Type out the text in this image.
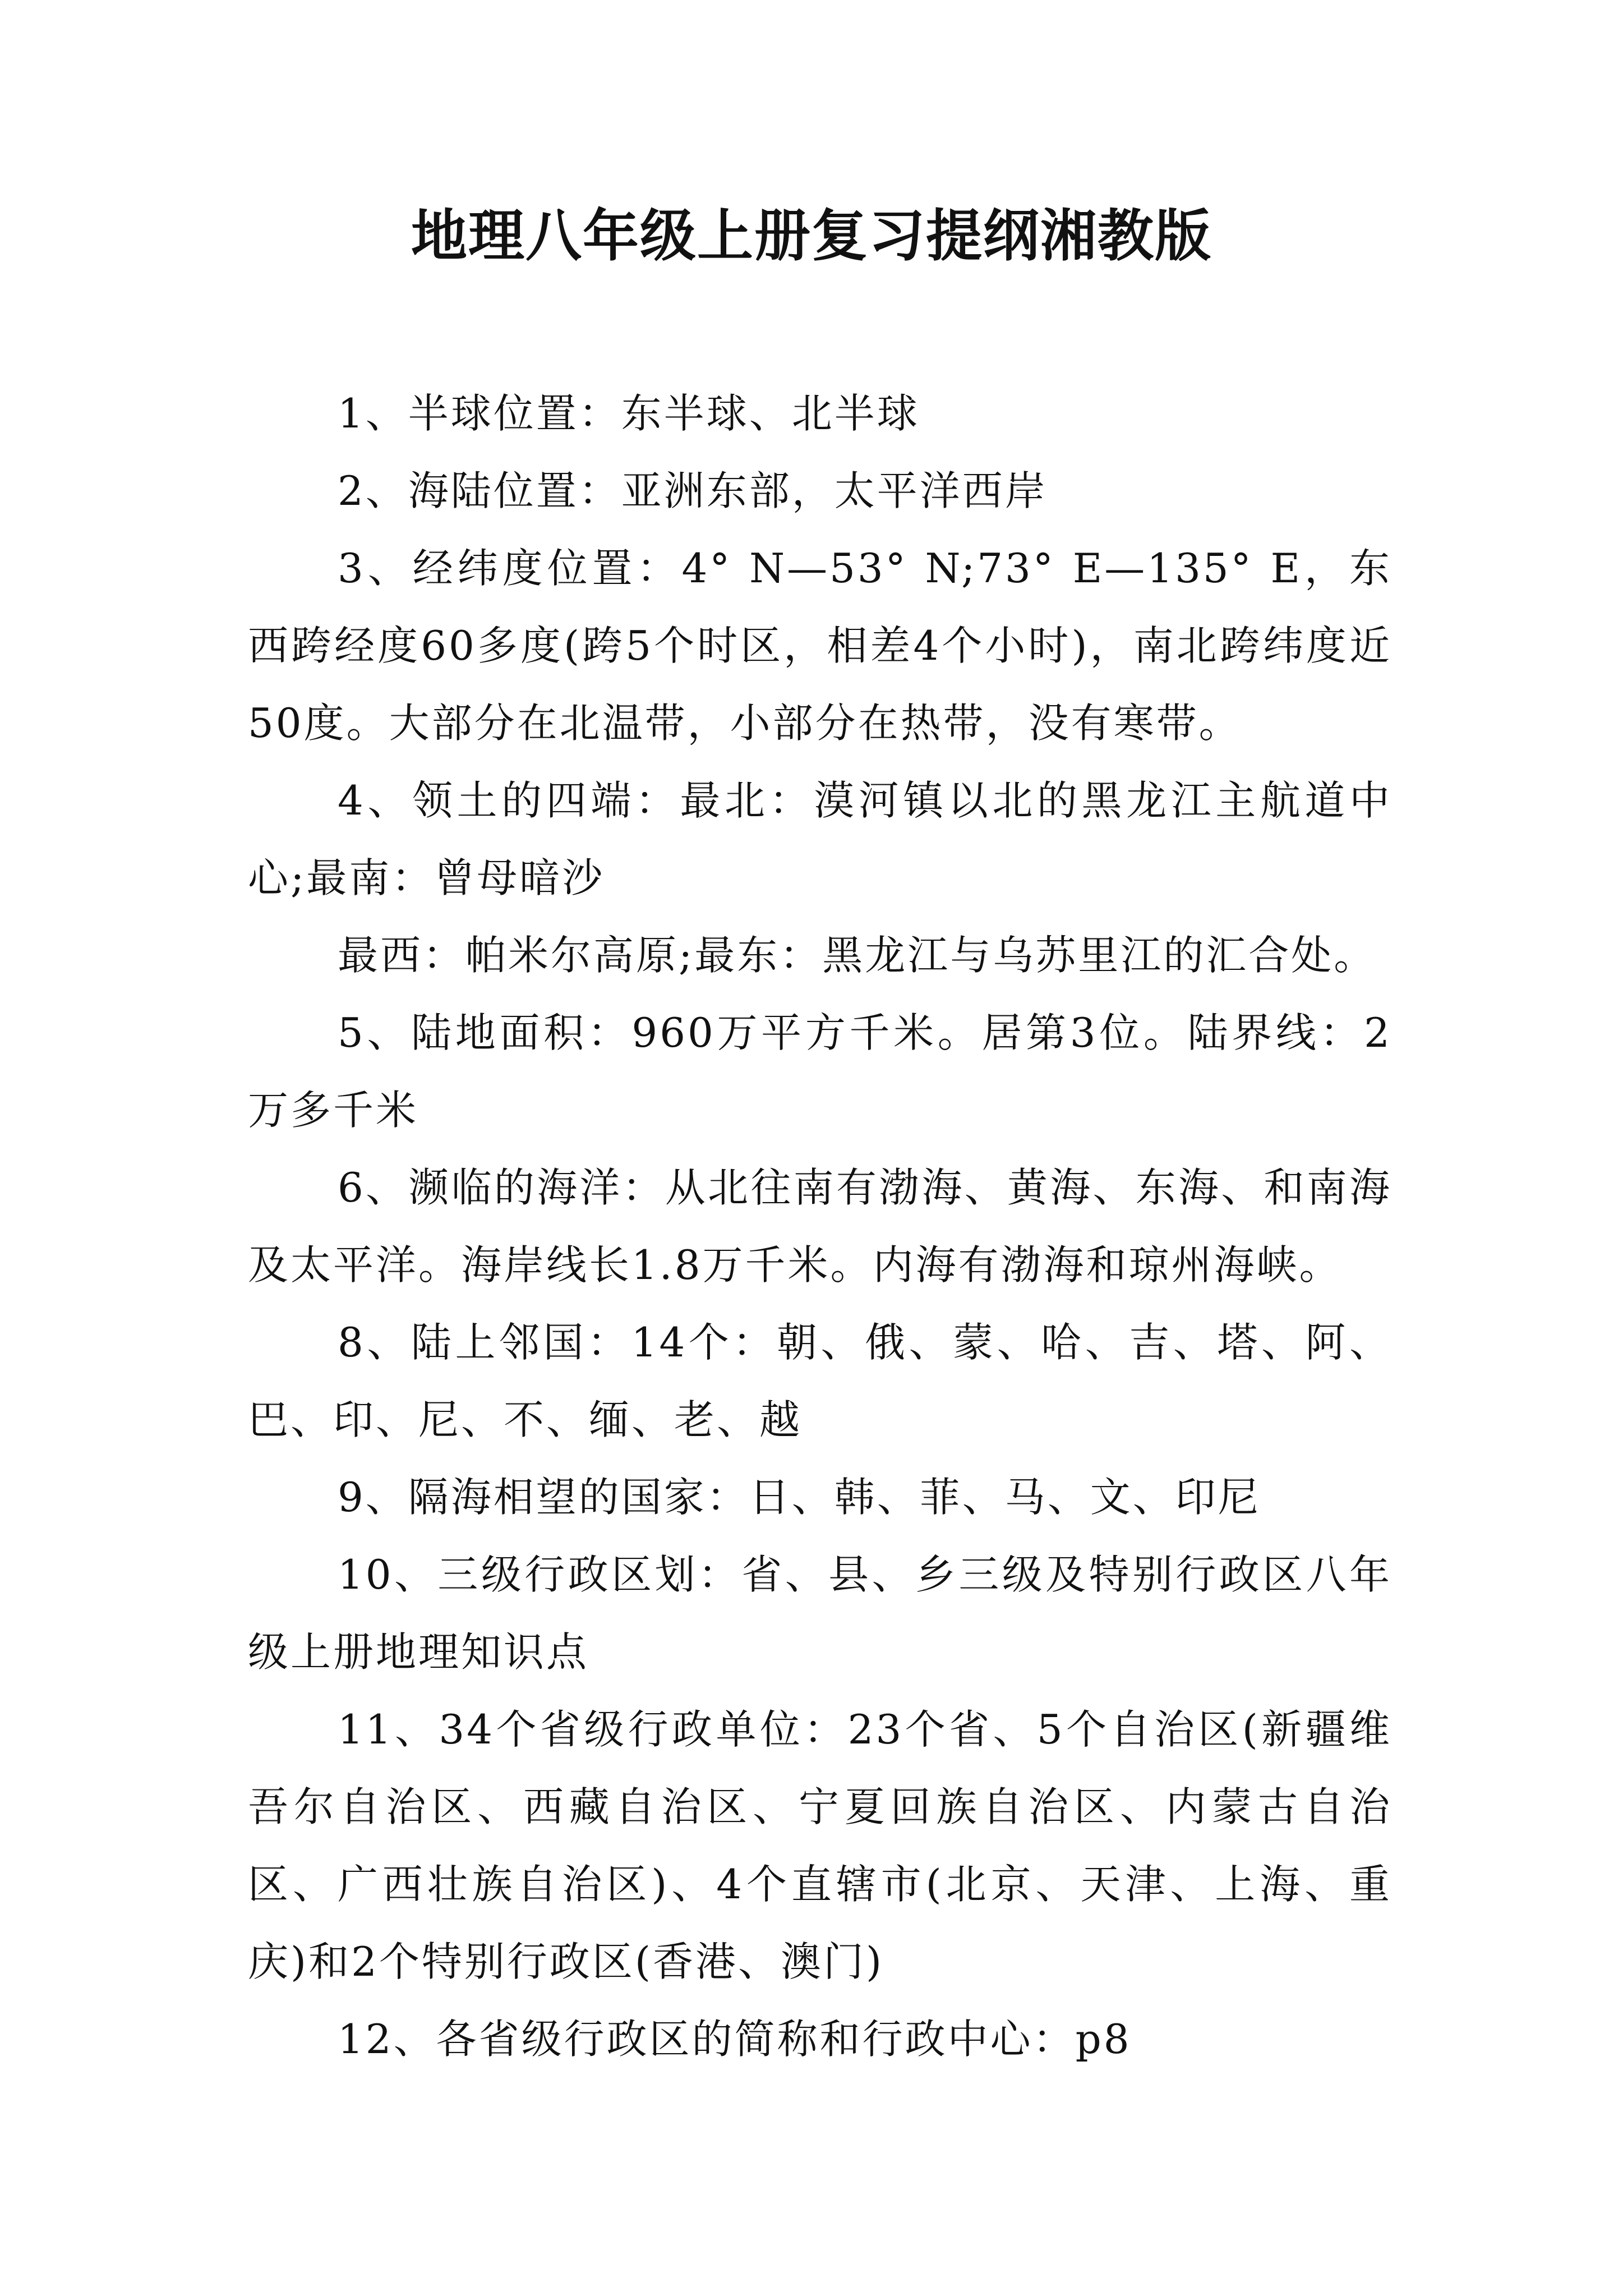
地理八年级上册复习提纲湘教版

1、半球位置：东半球、北半球

2、海陆位置：亚洲东部，太平洋西岸

3、经纬度位置：4° N—53° N;73° E—135° E，东西跨经度60多度(跨5个时区，相差4个小时)，南北跨纬度近50度。大部分在北温带，小部分在热带，没有寒带。

4、领土的四端：最北：漠河镇以北的黑龙江主航道中心;最南：曾母暗沙

最西：帕米尔高原;最东：黑龙江与乌苏里江的汇合处。

5、陆地面积：960万平方千米。居第3位。陆界线：2万多千米

6、濒临的海洋：从北往南有渤海、黄海、东海、和南海及太平洋。海岸线长1.8万千米。内海有渤海和琼州海峡。

8、陆上邻国：14个：朝、俄、蒙、哈、吉、塔、阿、巴、印、尼、不、缅、老、越

9、隔海相望的国家：日、韩、菲、马、文、印尼

10、三级行政区划：省、县、乡三级及特别行政区八年级上册地理知识点

11、34个省级行政单位：23个省、5个自治区(新疆维吾尔自治区、西藏自治区、宁夏回族自治区、内蒙古自治区、广西壮族自治区)、4个直辖市(北京、天津、上海、重庆)和2个特别行政区(香港、澳门)

12、各省级行政区的简称和行政中心：p8
